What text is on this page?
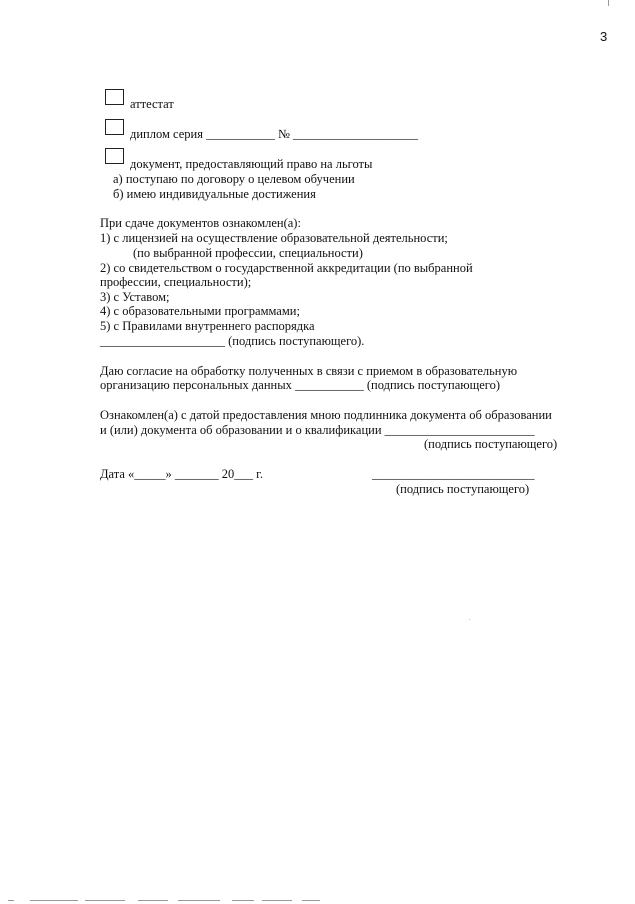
3
аттестат
диплом серия ___________ № ____________________
документ, предоставляющий право на льготы
а) поступаю по договору о целевом обучении
б) имею индивидуальные достижения
При сдаче документов ознакомлен(а):
1) с лицензией на осуществление образовательной деятельности;
(по выбранной профессии, специальности)
2) со свидетельством о государственной аккредитации (по выбранной
профессии, специальности);
3) с Уставом;
4) с образовательными программами;
5) с Правилами внутреннего распорядка
____________________ (подпись поступающего).
Даю согласие на обработку полученных в связи с приемом в образовательную
организацию персональных данных ___________ (подпись поступающего)
Ознакомлен(а) с датой предоставления мною подлинника документа об образовании
и (или) документа об образовании и о квалификации ________________________
(подпись поступающего)
Дата «_____» _______ 20___ г.	__________________________
(подпись поступающего)
